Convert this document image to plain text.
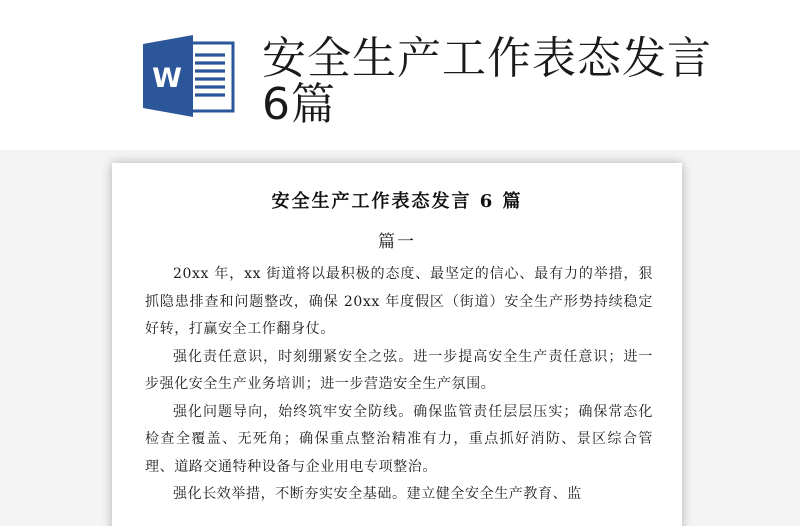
W 安全生产工作表态发言6篇
安全生产工作表态发言 6 篇
篇一

20xx 年，xx 街道将以最积极的态度、最坚定的信心、最有力的举措，狠抓隐患排查和问题整改，确保 20xx 年度假区（街道）安全生产形势持续稳定好转，打赢安全工作翻身仗。

强化责任意识，时刻绷紧安全之弦。进一步提高安全生产责任意识；进一步强化安全生产业务培训；进一步营造安全生产氛围。

强化问题导向，始终筑牢安全防线。确保监管责任层层压实；确保常态化检查全覆盖、无死角；确保重点整治精准有力，重点抓好消防、景区综合管理、道路交通特种设备与企业用电专项整治。

强化长效举措，不断夯实安全基础。建立健全安全生产教育、监
